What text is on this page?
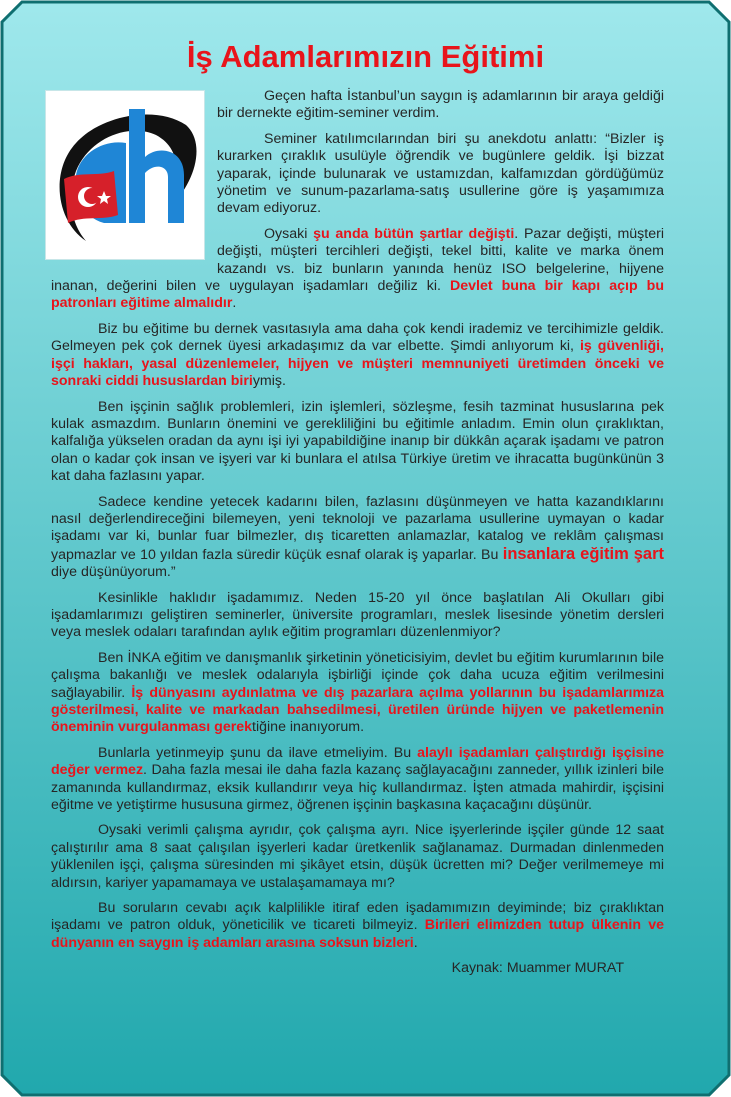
İş Adamlarımızın Eğitimi

Geçen hafta İstanbul’un saygın iş adamlarının bir araya geldiği bir dernekte eğitim-seminer verdim.

Seminer katılımcılarından biri şu anekdotu anlattı: “Bizler iş kurarken çıraklık usulüyle öğrendik ve bugünlere geldik. İşi bizzat yaparak, içinde bulunarak ve ustamızdan, kalfamızdan gördüğümüz yönetim ve sunum-pazarlama-satış usullerine göre iş yaşamımıza devam ediyoruz.

Oysaki şu anda bütün şartlar değişti. Pazar değişti, müşteri değişti, müşteri tercihleri değişti, tekel bitti, kalite ve marka önem kazandı vs. biz bunların yanında henüz ISO belgelerine, hijyene inanan, değerini bilen ve uygulayan işadamları değiliz ki. Devlet buna bir kapı açıp bu patronları eğitime almalıdır.

Biz bu eğitime bu dernek vasıtasıyla ama daha çok kendi irademiz ve tercihimizle geldik. Gelmeyen pek çok dernek üyesi arkadaşımız da var elbette. Şimdi anlıyorum ki, iş güvenliği, işçi hakları, yasal düzenlemeler, hijyen ve müşteri memnuniyeti üretimden önceki ve sonraki ciddi hususlardan biriymiş.

Ben işçinin sağlık problemleri, izin işlemleri, sözleşme, fesih tazminat hususlarına pek kulak asmazdım. Bunların önemini ve gerekliliğini bu eğitimle anladım. Emin olun çıraklıktan, kalfalığa yükselen oradan da aynı işi iyi yapabildiğine inanıp bir dükkân açarak işadamı ve patron olan o kadar çok insan ve işyeri var ki bunlara el atılsa Türkiye üretim ve ihracatta bugünkünün 3 kat daha fazlasını yapar.

Sadece kendine yetecek kadarını bilen, fazlasını düşünmeyen ve hatta kazandıklarını nasıl değerlendireceğini bilemeyen, yeni teknoloji ve pazarlama usullerine uymayan o kadar işadamı var ki, bunlar fuar bilmezler, dış ticaretten anlamazlar, katalog ve reklâm çalışması yapmazlar ve 10 yıldan fazla süredir küçük esnaf olarak iş yaparlar. Bu insanlara eğitim şart diye düşünüyorum.”

Kesinlikle haklıdır işadamımız. Neden 15-20 yıl önce başlatılan Ali Okulları gibi işadamlarımızı geliştiren seminerler, üniversite programları, meslek lisesinde yönetim dersleri veya meslek odaları tarafından aylık eğitim programları düzenlenmiyor?

Ben İNKA eğitim ve danışmanlık şirketinin yöneticisiyim, devlet bu eğitim kurumlarının bile çalışma bakanlığı ve meslek odalarıyla işbirliği içinde çok daha ucuza eğitim verilmesini sağlayabilir. İş dünyasını aydınlatma ve dış pazarlara açılma yollarının bu işadamlarımıza gösterilmesi, kalite ve markadan bahsedilmesi, üretilen üründe hijyen ve paketlemenin öneminin vurgulanması gerektiğine inanıyorum.

Bunlarla yetinmeyip şunu da ilave etmeliyim. Bu alaylı işadamları çalıştırdığı işçisine değer vermez. Daha fazla mesai ile daha fazla kazanç sağlayacağını zanneder, yıllık izinleri bile zamanında kullandırmaz, eksik kullandırır veya hiç kullandırmaz. İşten atmada mahirdir, işçisini eğitme ve yetiştirme hususuna girmez, öğrenen işçinin başkasına kaçacağını düşünür.

Oysaki verimli çalışma ayrıdır, çok çalışma ayrı. Nice işyerlerinde işçiler günde 12 saat çalıştırılır ama 8 saat çalışılan işyerleri kadar üretkenlik sağlanamaz. Durmadan dinlenmeden yüklenilen işçi, çalışma süresinden mi şikâyet etsin, düşük ücretten mi? Değer verilmemeye mi aldırsın, kariyer yapamamaya ve ustalaşamamaya mı?

Bu soruların cevabı açık kalplilikle itiraf eden işadamımızın deyiminde; biz çıraklıktan işadamı ve patron olduk, yöneticilik ve ticareti bilmeyiz. Birileri elimizden tutup ülkenin ve dünyanın en saygın iş adamları arasına soksun bizleri.

Kaynak: Muammer MURAT
